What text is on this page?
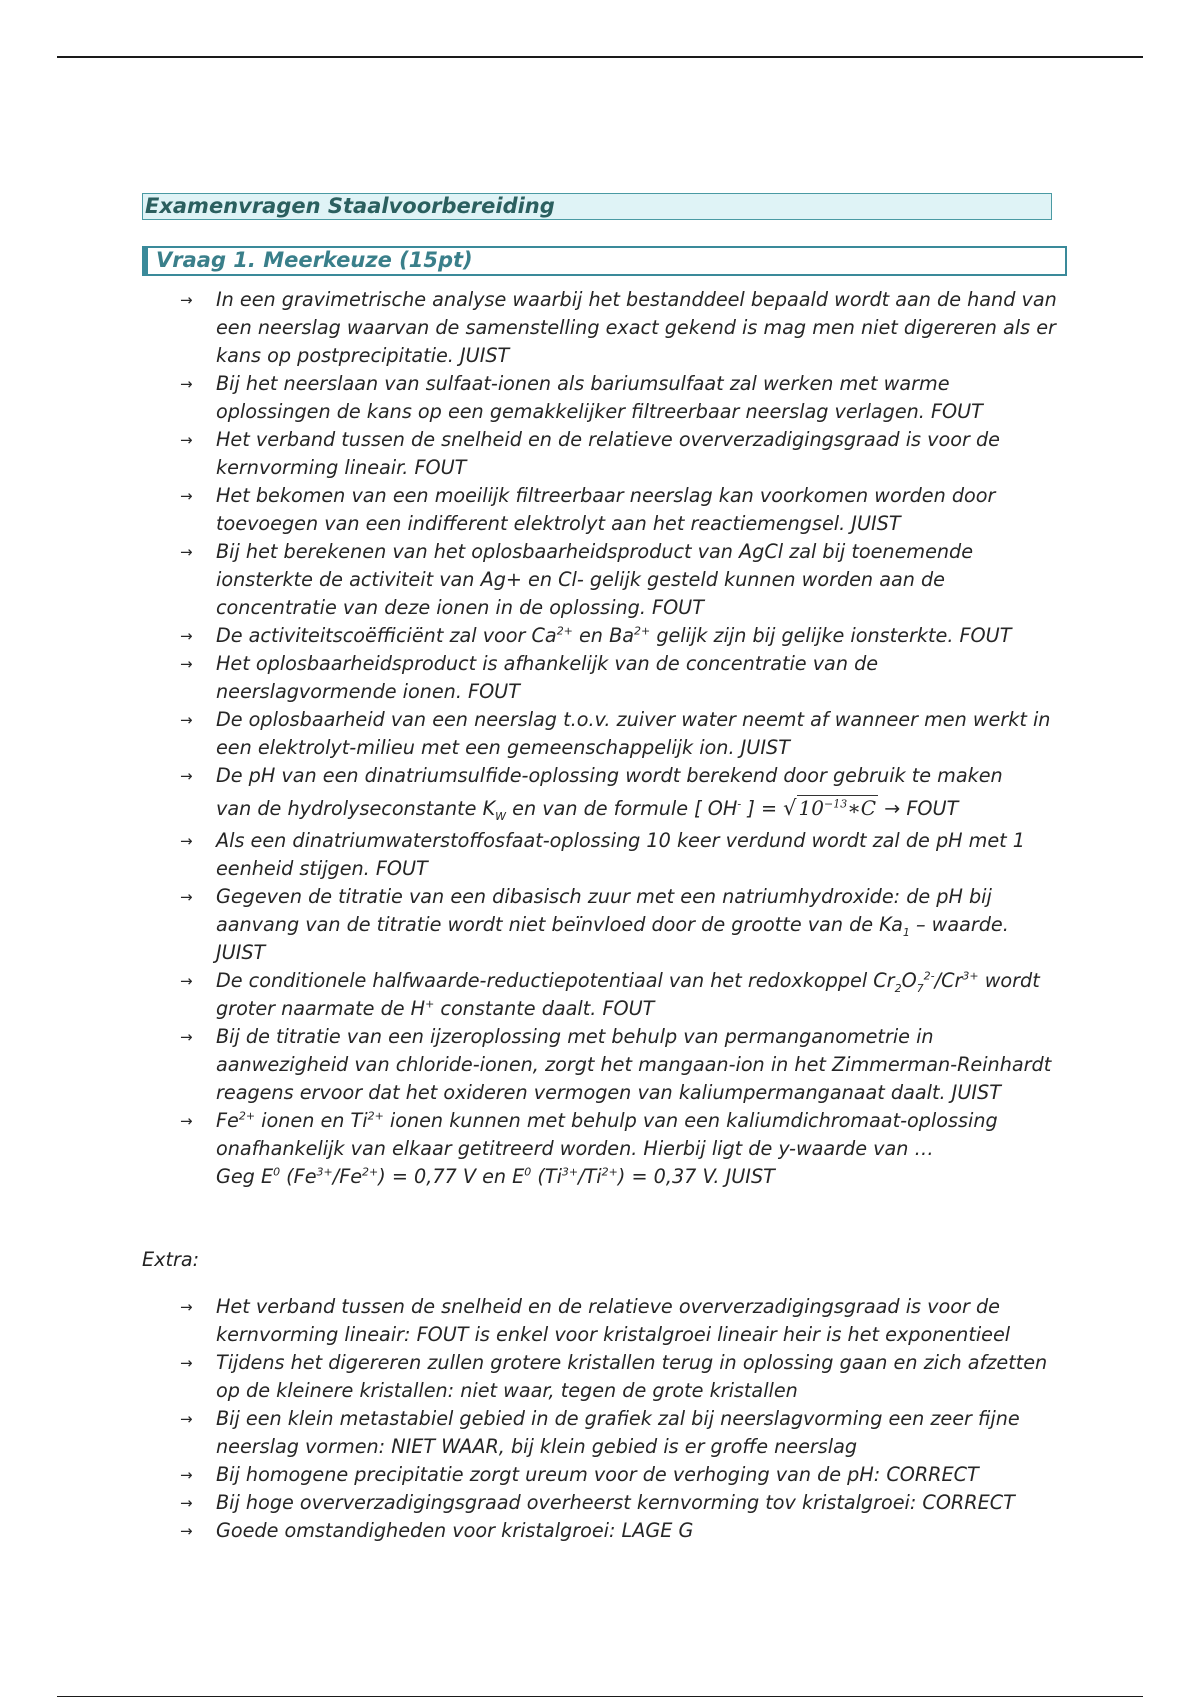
Examenvragen Staalvoorbereiding
Vraag 1. Meerkeuze (15pt)
→ In een gravimetrische analyse waarbij het bestanddeel bepaald wordt aan de hand van een neerslag waarvan de samenstelling exact gekend is mag men niet digereren als er kans op postprecipitatie. JUIST
→ Bij het neerslaan van sulfaat-ionen als bariumsulfaat zal werken met warme oplossingen de kans op een gemakkelijker filtreerbaar neerslag verlagen. FOUT
→ Het verband tussen de snelheid en de relatieve oververzadigingsgraad is voor de kernvorming lineair. FOUT
→ Het bekomen van een moeilijk filtreerbaar neerslag kan voorkomen worden door toevoegen van een indifferent elektrolyt aan het reactiemengsel. JUIST
→ Bij het berekenen van het oplosbaarheidsproduct van AgCl zal bij toenemende ionsterkte de activiteit van Ag+ en Cl- gelijk gesteld kunnen worden aan de concentratie van deze ionen in de oplossing. FOUT
→ De activiteitscoëfficiënt zal voor $Ca^{2+}$ en $Ba^{2+}$ gelijk zijn bij gelijke ionsterkte. FOUT
→ Het oplosbaarheidsproduct is afhankelijk van de concentratie van de neerslagvormende ionen. FOUT
→ De oplosbaarheid van een neerslag t.o.v. zuiver water neemt af wanneer men werkt in een elektrolyt-milieu met een gemeenschappelijk ion. JUIST
→ De pH van een dinatriumsulfide-oplossing wordt berekend door gebruik te maken
van de hydrolyseconstante $K_W$ en van de formule [ OH- ] = √ $10^{-13}∗C$ → FOUT
→ Als een dinatriumwaterstoffosfaat-oplossing 10 keer verdund wordt zal de pH met 1 eenheid stijgen. FOUT
→ Gegeven de titratie van een dibasisch zuur met een natriumhydroxide: de pH bij aanvang van de titratie wordt niet beïnvloed door de grootte van de $Ka_1$ – waarde. JUIST
→ De conditionele halfwaarde-reductiepotentiaal van het redoxkoppel $Cr_2O_7^{2-}/Cr^{3+}$ wordt groter naarmate de H+ constante daalt. FOUT
→ Bij de titratie van een ijzeroplossing met behulp van permanganometrie in aanwezigheid van chloride-ionen, zorgt het mangaan-ion in het Zimmerman-Reinhardt reagens ervoor dat het oxideren vermogen van kaliumpermanganaat daalt. JUIST
→ $Fe^{2+}$ ionen en $Ti^{2+}$ ionen kunnen met behulp van een kaliumdichromaat-oplossing onafhankelijk van elkaar getitreerd worden. Hierbij ligt de y-waarde van …
Geg $E^0$ $(Fe^{3+}/Fe^{2+}) = 0,77$ V en $E^0$ $(Ti^{3+}/Ti^{2+}) = 0,37$ V. JUIST
Extra:
→ Het verband tussen de snelheid en de relatieve oververzadigingsgraad is voor de kernvorming lineair: FOUT is enkel voor kristalgroei lineair heir is het exponentieel
→ Tijdens het digereren zullen grotere kristallen terug in oplossing gaan en zich afzetten op de kleinere kristallen: niet waar, tegen de grote kristallen
→ Bij een klein metastabiel gebied in de grafiek zal bij neerslagvorming een zeer fijne neerslag vormen: NIET WAAR, bij klein gebied is er groffe neerslag
→ Bij homogene precipitatie zorgt ureum voor de verhoging van de pH: CORRECT
→ Bij hoge oververzadigingsgraad overheerst kernvorming tov kristalgroei: CORRECT
→ Goede omstandigheden voor kristalgroei: LAGE G
